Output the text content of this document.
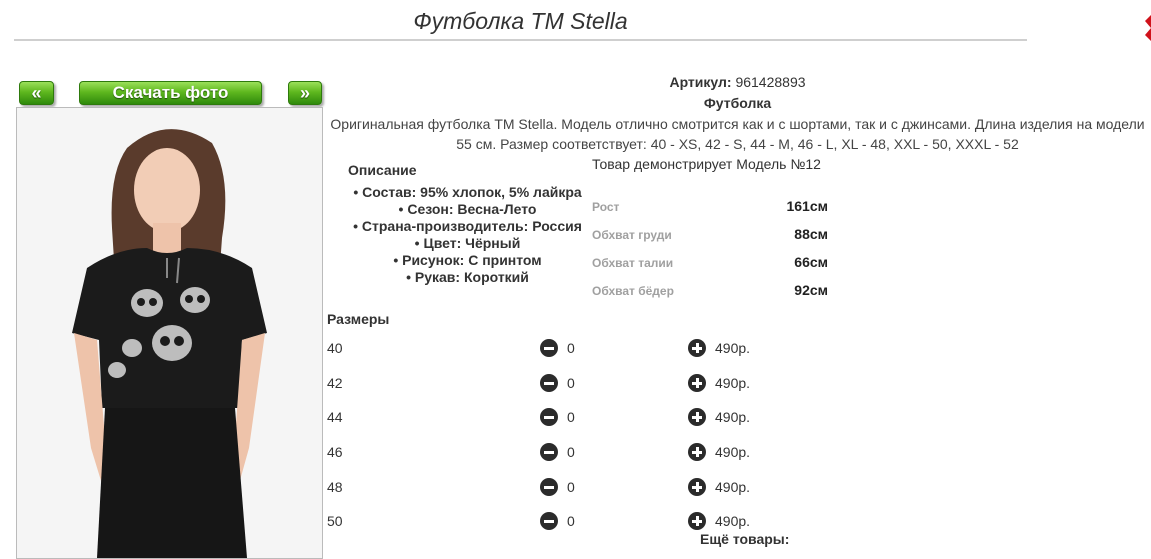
Футболка TM Stella
«	Скачать фото	»
Артикул: 961428893
Футболка
Оригинальная футболка TM Stella. Модель отлично смотрится как и с шортами, так и с джинсами. Длина изделия на модели 55 см. Размер соответствует: 40 - XS, 42 - S, 44 - M, 46 - L, XL - 48, XXL - 50, XXXL - 52
Товар демонстрирует Модель №12
Описание
• Состав: 95% хлопок, 5% лайкра
• Сезон: Весна-Лето
• Страна-производитель: Россия
• Цвет: Чёрный
• Рисунок: С принтом
• Рукав: Короткий
Рост	161см
Обхват груди	88см
Обхват талии	66см
Обхват бёдер	92см
Размеры
40	0	490р.
42	0	490р.
44	0	490р.
46	0	490р.
48	0	490р.
50	0	490р.
Ещё товары:
